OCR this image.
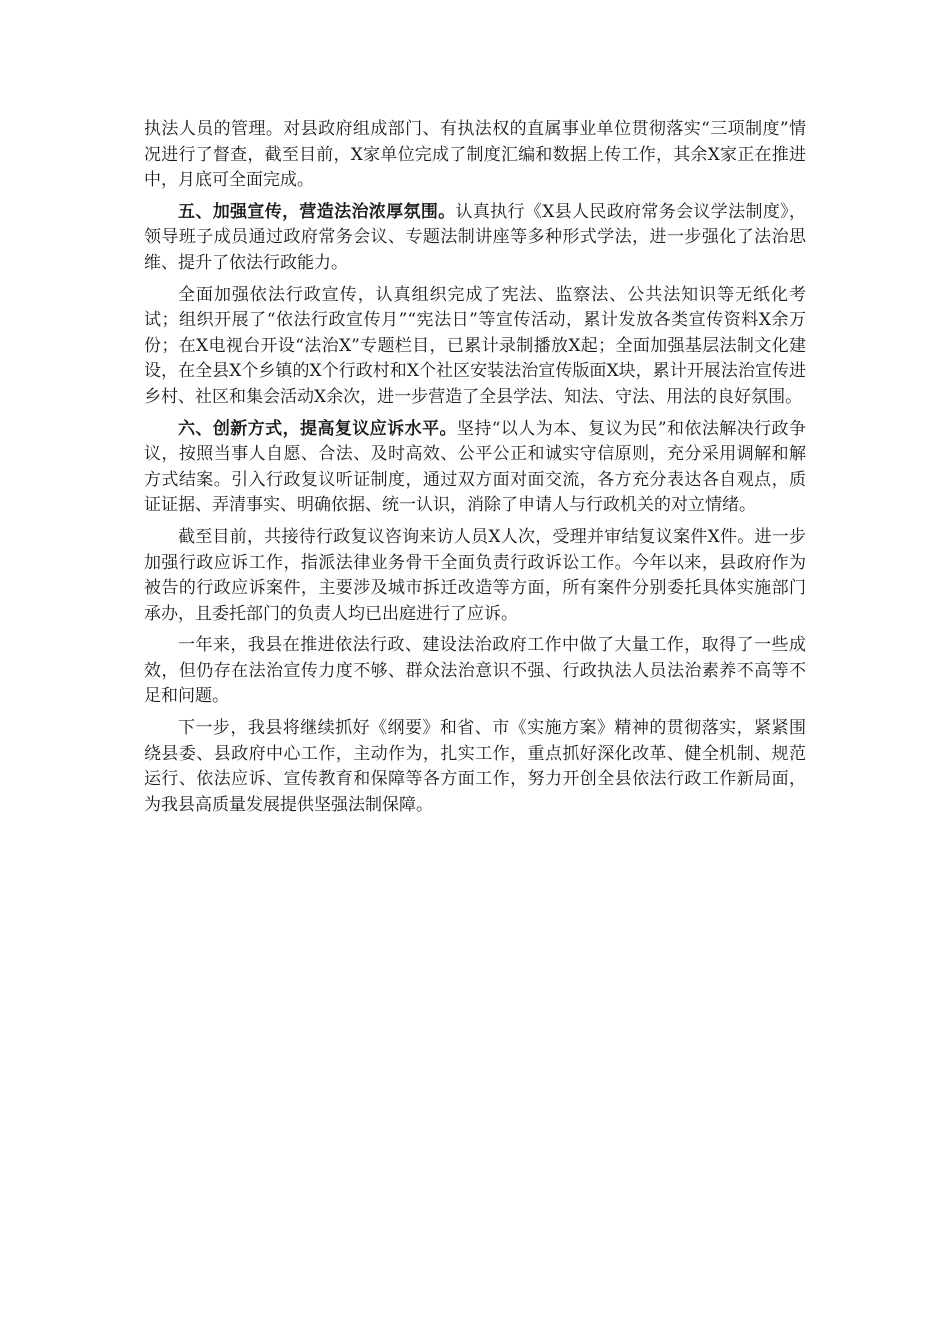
执法人员的管理。对县政府组成部门、有执法权的直属事业单位贯彻落实“三项制度”情况进行了督查，截至目前，X家单位完成了制度汇编和数据上传工作，其余X家正在推进中，月底可全面完成。

五、加强宣传，营造法治浓厚氛围。认真执行《X县人民政府常务会议学法制度》，领导班子成员通过政府常务会议、专题法制讲座等多种形式学法，进一步强化了法治思维、提升了依法行政能力。

全面加强依法行政宣传，认真组织完成了宪法、监察法、公共法知识等无纸化考试；组织开展了“依法行政宣传月”“宪法日”等宣传活动，累计发放各类宣传资料X余万份；在X电视台开设“法治X”专题栏目，已累计录制播放X起；全面加强基层法制文化建设，在全县X个乡镇的X个行政村和X个社区安装法治宣传版面X块，累计开展法治宣传进乡村、社区和集会活动X余次，进一步营造了全县学法、知法、守法、用法的良好氛围。

六、创新方式，提高复议应诉水平。坚持“以人为本、复议为民”和依法解决行政争议，按照当事人自愿、合法、及时高效、公平公正和诚实守信原则，充分采用调解和解方式结案。引入行政复议听证制度，通过双方面对面交流，各方充分表达各自观点，质证证据、弄清事实、明确依据、统一认识，消除了申请人与行政机关的对立情绪。

截至目前，共接待行政复议咨询来访人员X人次，受理并审结复议案件X件。进一步加强行政应诉工作，指派法律业务骨干全面负责行政诉讼工作。今年以来，县政府作为被告的行政应诉案件，主要涉及城市拆迁改造等方面，所有案件分别委托具体实施部门承办，且委托部门的负责人均已出庭进行了应诉。

一年来，我县在推进依法行政、建设法治政府工作中做了大量工作，取得了一些成效，但仍存在法治宣传力度不够、群众法治意识不强、行政执法人员法治素养不高等不足和问题。

下一步，我县将继续抓好《纲要》和省、市《实施方案》精神的贯彻落实，紧紧围绕县委、县政府中心工作，主动作为，扎实工作，重点抓好深化改革、健全机制、规范运行、依法应诉、宣传教育和保障等各方面工作，努力开创全县依法行政工作新局面，为我县高质量发展提供坚强法制保障。
